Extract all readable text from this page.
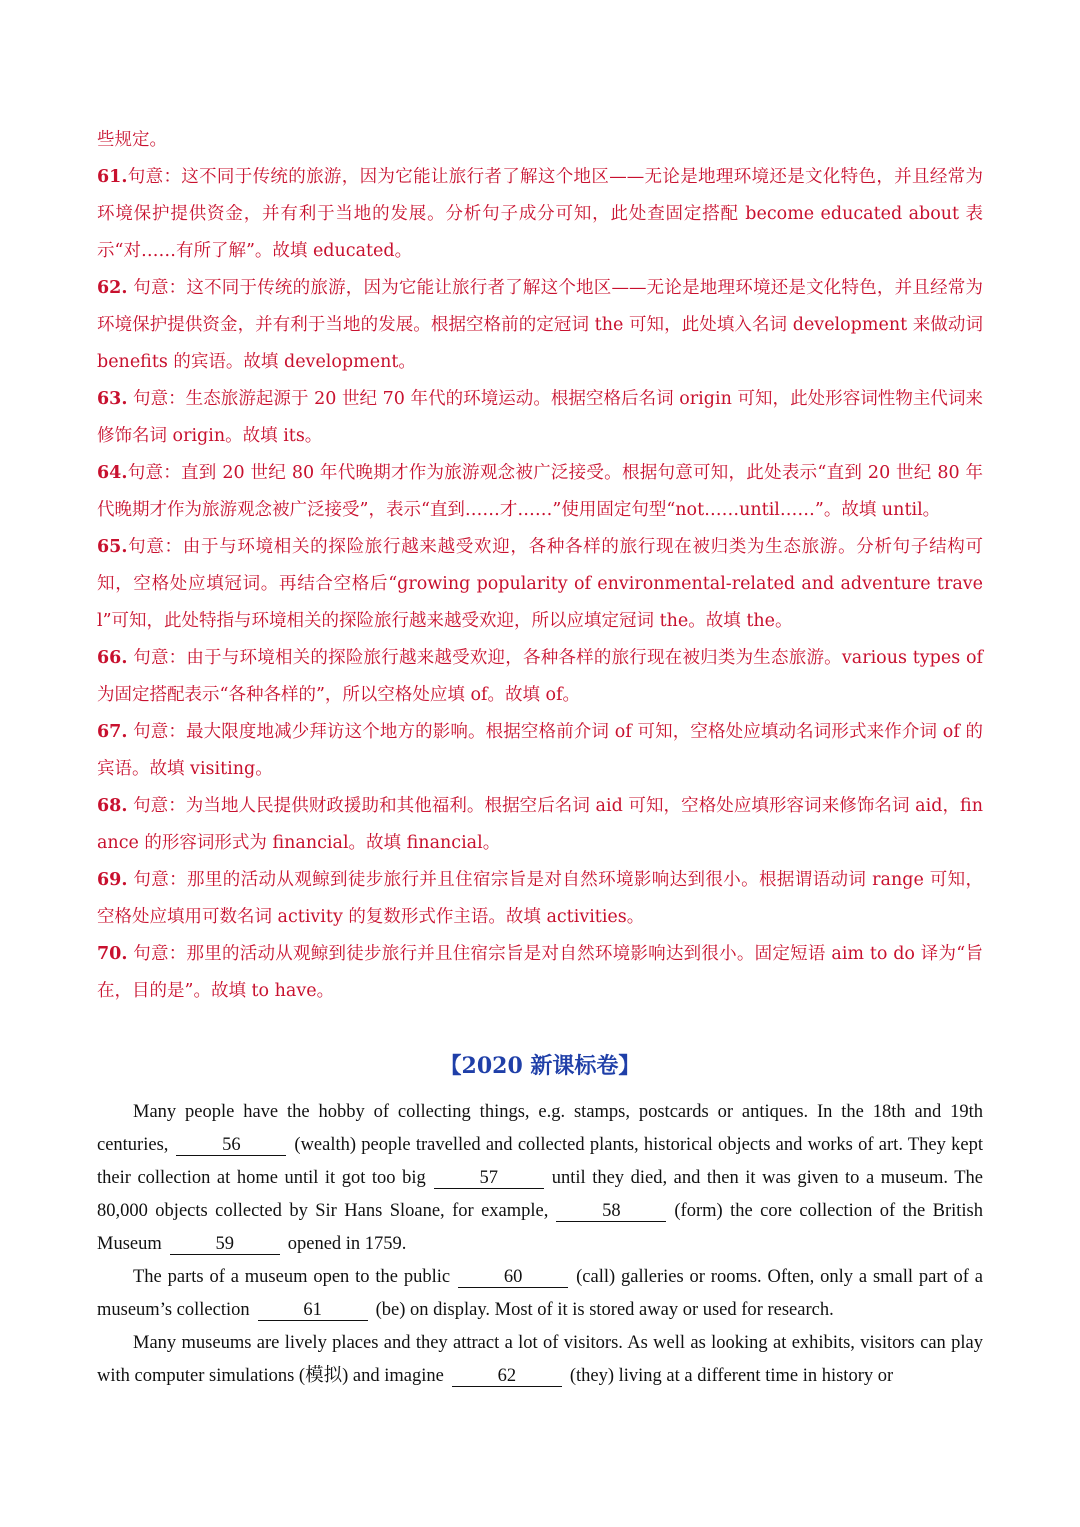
些规定。

61.句意：这不同于传统的旅游，因为它能让旅行者了解这个地区——无论是地理环境还是文化特色，并且经常为环境保护提供资金，并有利于当地的发展。分析句子成分可知，此处查固定搭配 become educated about 表示“对……有所了解”。故填 educated。

62. 句意：这不同于传统的旅游，因为它能让旅行者了解这个地区——无论是地理环境还是文化特色，并且经常为环境保护提供资金，并有利于当地的发展。根据空格前的定冠词 the 可知，此处填入名词 development 来做动词 benefits 的宾语。故填 development。

63. 句意：生态旅游起源于 20 世纪 70 年代的环境运动。根据空格后名词 origin 可知，此处形容词性物主代词来修饰名词 origin。故填 its。

64.句意：直到 20 世纪 80 年代晚期才作为旅游观念被广泛接受。根据句意可知，此处表示“直到 20 世纪 80 年代晚期才作为旅游观念被广泛接受”，表示“直到……才……”使用固定句型“not……until……”。故填 until。

65.句意：由于与环境相关的探险旅行越来越受欢迎，各种各样的旅行现在被归类为生态旅游。分析句子结构可知，空格处应填冠词。再结合空格后“growing popularity of environmental-related and adventure travel”可知，此处特指与环境相关的探险旅行越来越受欢迎，所以应填定冠词 the。故填 the。

66. 句意：由于与环境相关的探险旅行越来越受欢迎，各种各样的旅行现在被归类为生态旅游。various types of 为固定搭配表示“各种各样的”，所以空格处应填 of。故填 of。

67. 句意：最大限度地减少拜访这个地方的影响。根据空格前介词 of 可知，空格处应填动名词形式来作介词 of 的宾语。故填 visiting。

68. 句意：为当地人民提供财政援助和其他福利。根据空后名词 aid 可知，空格处应填形容词来修饰名词 aid，finance 的形容词形式为 financial。故填 financial。

69. 句意：那里的活动从观鲸到徒步旅行并且住宿宗旨是对自然环境影响达到很小。根据谓语动词 range 可知，空格处应填用可数名词 activity 的复数形式作主语。故填 activities。

70. 句意：那里的活动从观鲸到徒步旅行并且住宿宗旨是对自然环境影响达到很小。固定短语 aim to do 译为“旨在，目的是”。故填 to have。

【2020 新课标卷】

Many people have the hobby of collecting things, e.g. stamps, postcards or antiques. In the 18th and 19th centuries,	56	(wealth) people travelled and collected plants, historical objects and works of art. They kept their collection at home until it got too big	57	until they died, and then it was given to a museum. The 80,000 objects collected by Sir Hans Sloane, for example,	58	(form) the core collection of the British Museum	59	opened in 1759.

The parts of a museum open to the public	60	(call) galleries or rooms. Often, only a small part of a museum’s collection	61	(be) on display. Most of it is stored away or used for research.

Many museums are lively places and they attract a lot of visitors. As well as looking at exhibits, visitors can play with computer simulations (模拟) and imagine	62	(they) living at a different time in history or
